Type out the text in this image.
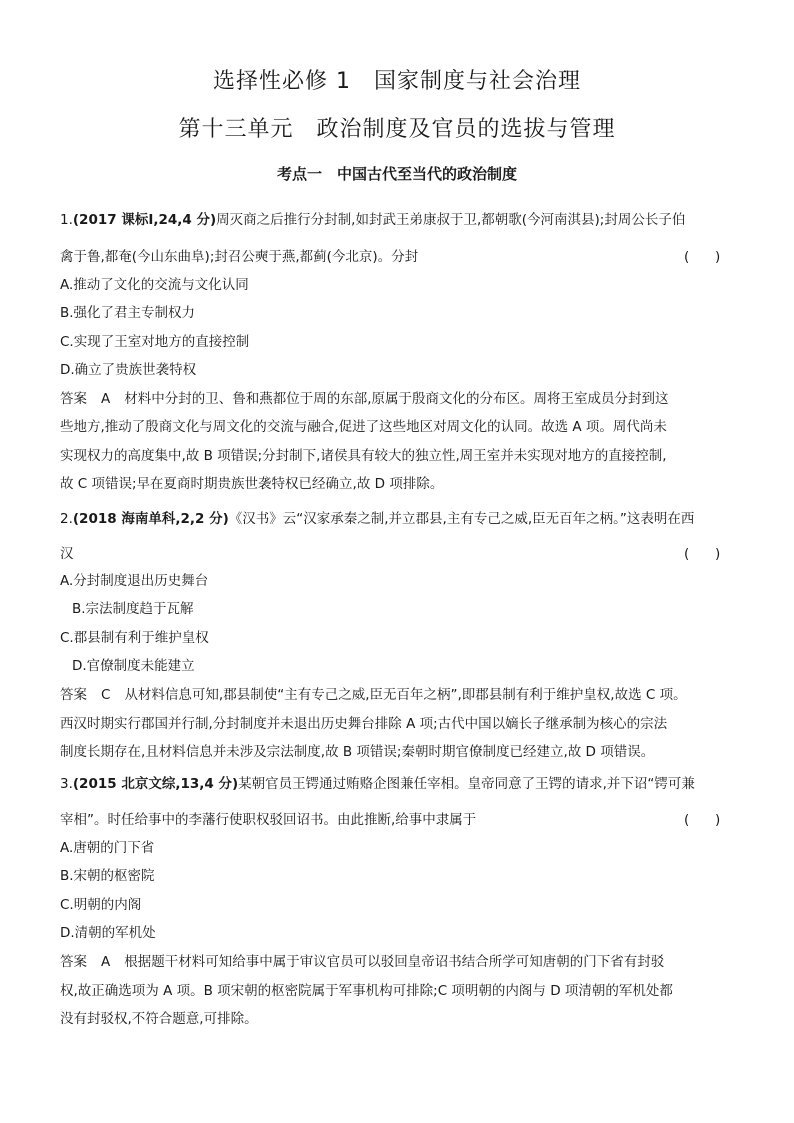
选择性必修 1　国家制度与社会治理
第十三单元　政治制度及官员的选拔与管理
考点一　中国古代至当代的政治制度
1.(2017 课标Ⅰ,24,4 分)周灭商之后推行分封制,如封武王弟康叔于卫,都朝歌(今河南淇县);封周公长子伯
禽于鲁,都奄(今山东曲阜);封召公奭于燕,都蓟(今北京)。分封	(      )
A.推动了文化的交流与文化认同
B.强化了君主专制权力
C.实现了王室对地方的直接控制
D.确立了贵族世袭特权
答案 A 材料中分封的卫、鲁和燕都位于周的东部,原属于殷商文化的分布区。周将王室成员分封到这
些地方,推动了殷商文化与周文化的交流与融合,促进了这些地区对周文化的认同。故选 A 项。周代尚未
实现权力的高度集中,故 B 项错误;分封制下,诸侯具有较大的独立性,周王室并未实现对地方的直接控制,
故 C 项错误;早在夏商时期贵族世袭特权已经确立,故 D 项排除。
2.(2018 海南单科,2,2 分)《汉书》云“汉家承秦之制,并立郡县,主有专己之威,臣无百年之柄。”这表明在西
汉	(      )
A.分封制度退出历史舞台
B.宗法制度趋于瓦解
C.郡县制有利于维护皇权
D.官僚制度未能建立
答案 C 从材料信息可知,郡县制使“主有专己之威,臣无百年之柄”,即郡县制有利于维护皇权,故选 C 项。
西汉时期实行郡国并行制,分封制度并未退出历史舞台排除 A 项;古代中国以嫡长子继承制为核心的宗法
制度长期存在,且材料信息并未涉及宗法制度,故 B 项错误;秦朝时期官僚制度已经建立,故 D 项错误。
3.(2015 北京文综,13,4 分)某朝官员王锷通过贿赂企图兼任宰相。皇帝同意了王锷的请求,并下诏“锷可兼
宰相”。时任给事中的李藩行使职权驳回诏书。由此推断,给事中隶属于	(      )
A.唐朝的门下省
B.宋朝的枢密院
C.明朝的内阁
D.清朝的军机处
答案 A 根据题干材料可知给事中属于审议官员可以驳回皇帝诏书结合所学可知唐朝的门下省有封驳
权,故正确选项为 A 项。B 项宋朝的枢密院属于军事机构可排除;C 项明朝的内阁与 D 项清朝的军机处都
没有封驳权,不符合题意,可排除。
